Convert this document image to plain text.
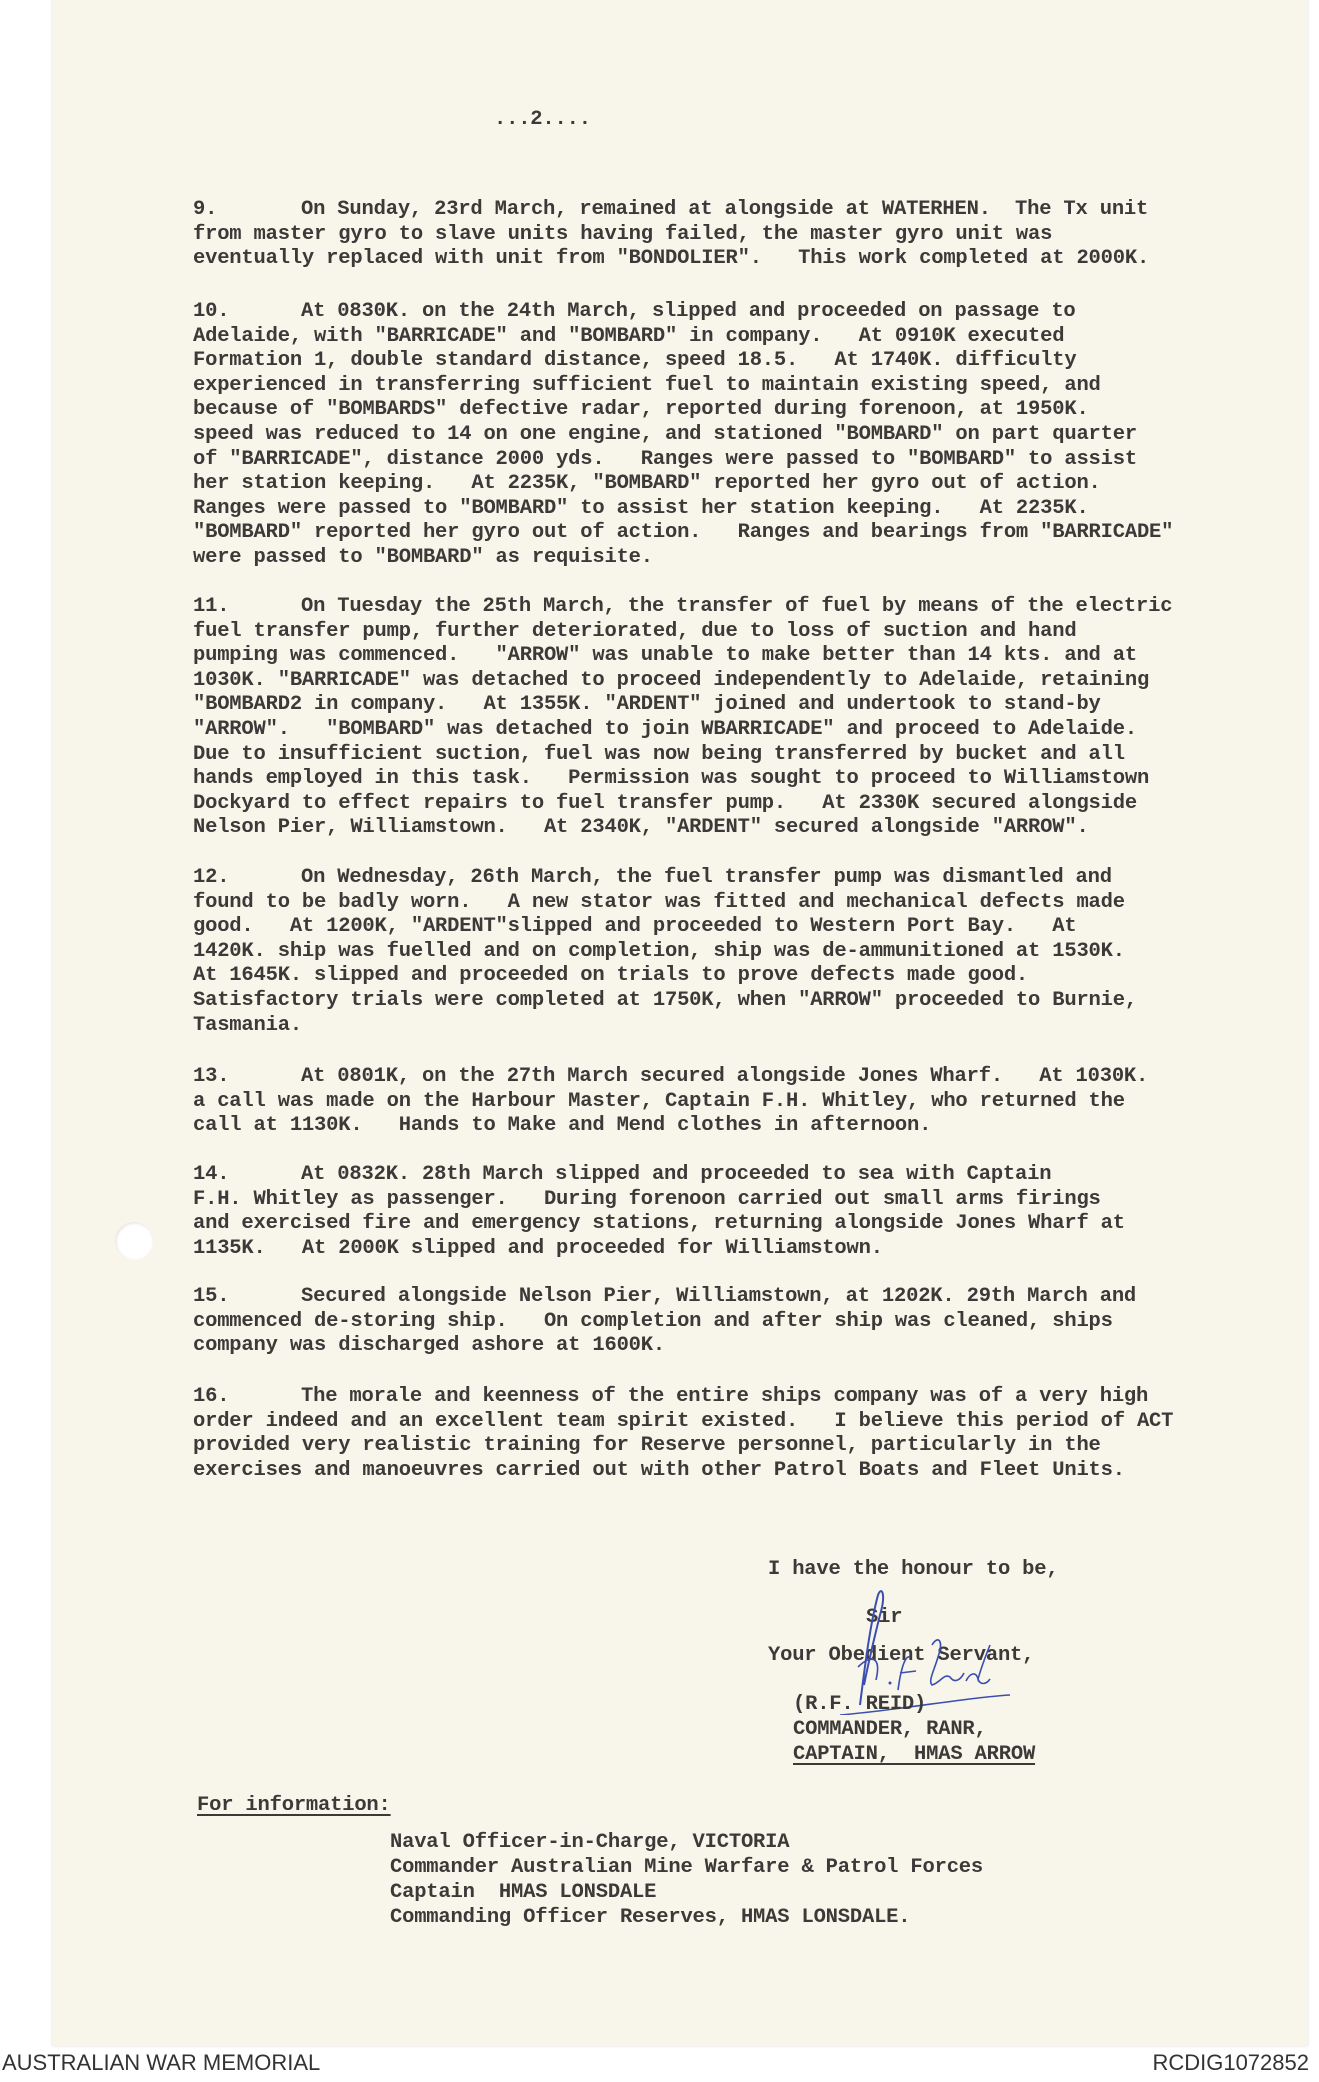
...2....
9.	On Sunday, 23rd March, remained at alongside at WATERHEN.  The Tx unit
from master gyro to slave units having failed, the master gyro unit was
eventually replaced with unit from "BONDOLIER".   This work completed at 2000K.
10.	At 0830K. on the 24th March, slipped and proceeded on passage to
Adelaide, with "BARRICADE" and "BOMBARD" in company.   At 0910K executed
Formation 1, double standard distance, speed 18.5.   At 1740K. difficulty
experienced in transferring sufficient fuel to maintain existing speed, and
because of "BOMBARDS" defective radar, reported during forenoon, at 1950K.
speed was reduced to 14 on one engine, and stationed "BOMBARD" on part quarter
of "BARRICADE", distance 2000 yds.   Ranges were passed to "BOMBARD" to assist
her station keeping.   At 2235K, "BOMBARD" reported her gyro out of action.
Ranges were passed to "BOMBARD" to assist her station keeping.   At 2235K.
"BOMBARD" reported her gyro out of action.   Ranges and bearings from "BARRICADE"
were passed to "BOMBARD" as requisite.
11.	On Tuesday the 25th March, the transfer of fuel by means of the electric
fuel transfer pump, further deteriorated, due to loss of suction and hand
pumping was commenced.   "ARROW" was unable to make better than 14 kts. and at
1030K. "BARRICADE" was detached to proceed independently to Adelaide, retaining
"BOMBARD2 in company.   At 1355K. "ARDENT" joined and undertook to stand-by
"ARROW".   "BOMBARD" was detached to join WBARRICADE" and proceed to Adelaide.
Due to insufficient suction, fuel was now being transferred by bucket and all
hands employed in this task.   Permission was sought to proceed to Williamstown
Dockyard to effect repairs to fuel transfer pump.   At 2330K secured alongside
Nelson Pier, Williamstown.   At 2340K, "ARDENT" secured alongside "ARROW".
12.	On Wednesday, 26th March, the fuel transfer pump was dismantled and
found to be badly worn.   A new stator was fitted and mechanical defects made
good.   At 1200K, "ARDENT"slipped and proceeded to Western Port Bay.   At
1420K. ship was fuelled and on completion, ship was de-ammunitioned at 1530K.
At 1645K. slipped and proceeded on trials to prove defects made good.
Satisfactory trials were completed at 1750K, when "ARROW" proceeded to Burnie,
Tasmania.
13.	At 0801K, on the 27th March secured alongside Jones Wharf.   At 1030K.
a call was made on the Harbour Master, Captain F.H. Whitley, who returned the
call at 1130K.   Hands to Make and Mend clothes in afternoon.
14.	At 0832K. 28th March slipped and proceeded to sea with Captain
F.H. Whitley as passenger.   During forenoon carried out small arms firings
and exercised fire and emergency stations, returning alongside Jones Wharf at
1135K.   At 2000K slipped and proceeded for Williamstown.
15.	Secured alongside Nelson Pier, Williamstown, at 1202K. 29th March and
commenced de-storing ship.   On completion and after ship was cleaned, ships
company was discharged ashore at 1600K.
16.	The morale and keenness of the entire ships company was of a very high
order indeed and an excellent team spirit existed.   I believe this period of ACT
provided very realistic training for Reserve personnel, particularly in the
exercises and manoeuvres carried out with other Patrol Boats and Fleet Units.
I have the honour to be,
Sir
Your Obedient Servant,
(R.F. REID)
COMMANDER, RANR,
CAPTAIN,  HMAS ARROW
For information:
Naval Officer-in-Charge, VICTORIA
Commander Australian Mine Warfare & Patrol Forces
Captain  HMAS LONSDALE
Commanding Officer Reserves, HMAS LONSDALE.
AUSTRALIAN WAR MEMORIAL	RCDIG1072852
